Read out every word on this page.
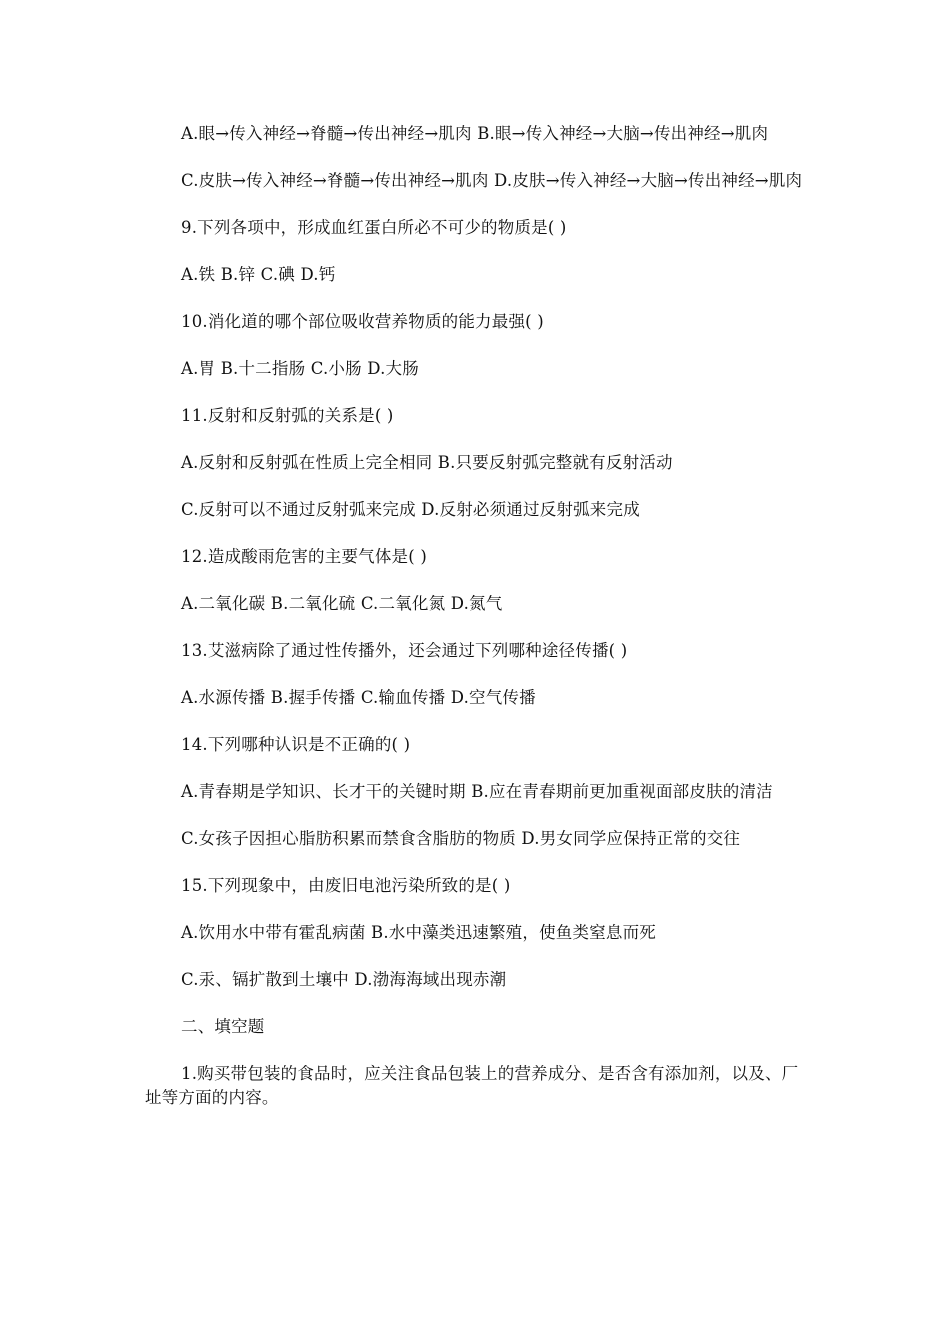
A.眼→传入神经→脊髓→传出神经→肌肉 B.眼→传入神经→大脑→传出神经→肌肉

C.皮肤→传入神经→脊髓→传出神经→肌肉 D.皮肤→传入神经→大脑→传出神经→肌肉

9.下列各项中，形成血红蛋白所必不可少的物质是( )

A.铁 B.锌 C.碘 D.钙

10.消化道的哪个部位吸收营养物质的能力最强( )

A.胃 B.十二指肠 C.小肠 D.大肠

11.反射和反射弧的关系是( )

A.反射和反射弧在性质上完全相同 B.只要反射弧完整就有反射活动

C.反射可以不通过反射弧来完成 D.反射必须通过反射弧来完成

12.造成酸雨危害的主要气体是( )

A.二氧化碳 B.二氧化硫 C.二氧化氮 D.氮气

13.艾滋病除了通过性传播外，还会通过下列哪种途径传播( )

A.水源传播 B.握手传播 C.输血传播 D.空气传播

14.下列哪种认识是不正确的( )

A.青春期是学知识、长才干的关键时期 B.应在青春期前更加重视面部皮肤的清洁

C.女孩子因担心脂肪积累而禁食含脂肪的物质 D.男女同学应保持正常的交往

15.下列现象中，由废旧电池污染所致的是( )

A.饮用水中带有霍乱病菌 B.水中藻类迅速繁殖，使鱼类窒息而死

C.汞、镉扩散到土壤中 D.渤海海域出现赤潮

二、填空题

1.购买带包装的食品时，应关注食品包装上的营养成分、是否含有添加剂，以及、厂址等方面的内容。
